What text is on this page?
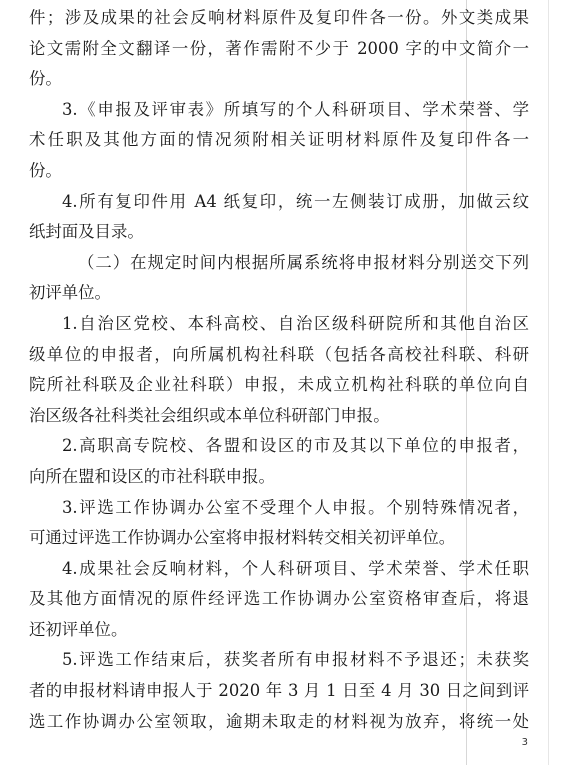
件；涉及成果的社会反响材料原件及复印件各一份。外文类成果
论文需附全文翻译一份，著作需附不少于 2000 字的中文简介一
份。
3.《申报及评审表》所填写的个人科研项目、学术荣誉、学
术任职及其他方面的情况须附相关证明材料原件及复印件各一
份。
4.所有复印件用 A4 纸复印，统一左侧装订成册，加做云纹
纸封面及目录。
（二）在规定时间内根据所属系统将申报材料分别送交下列
初评单位。
1.自治区党校、本科高校、自治区级科研院所和其他自治区
级单位的申报者，向所属机构社科联（包括各高校社科联、科研
院所社科联及企业社科联）申报，未成立机构社科联的单位向自
治区级各社科类社会组织或本单位科研部门申报。
2.高职高专院校、各盟和设区的市及其以下单位的申报者，
向所在盟和设区的市社科联申报。
3.评选工作协调办公室不受理个人申报。个别特殊情况者，
可通过评选工作协调办公室将申报材料转交相关初评单位。
4.成果社会反响材料，个人科研项目、学术荣誉、学术任职
及其他方面情况的原件经评选工作协调办公室资格审查后，将退
还初评单位。
5.评选工作结束后，获奖者所有申报材料不予退还；未获奖
者的申报材料请申报人于 2020 年 3 月 1 日至 4 月 30 日之间到评
选工作协调办公室领取，逾期未取走的材料视为放弃，将统一处
3
